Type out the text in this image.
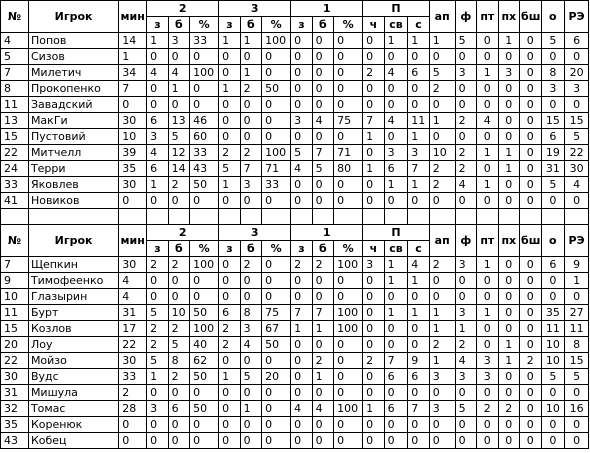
№	Игрок	мин	2			3			1			П			ап	ф	пт	пх	бш	о	РЭ
			з	б	%	з	б	%	з	б	%	ч	св	с							
4	Попов	14	1	3	33	1	1	100	0	0	0	0	1	1	1	5	0	1	0	5	6
5	Сизов	1	0	0	0	0	0	0	0	0	0	0	0	0	0	0	0	0	0	0	0
7	Милетич	34	4	4	100	0	1	0	0	0	0	2	4	6	5	3	1	3	0	8	20
8	Прокопенко	7	0	1	0	1	2	50	0	0	0	0	0	0	2	0	0	0	0	3	3
11	Завадский	0	0	0	0	0	0	0	0	0	0	0	0	0	0	0	0	0	0	0	0
13	МакГи	30	6	13	46	0	0	0	3	4	75	7	4	11	1	2	4	0	0	15	15
15	Пустовий	10	3	5	60	0	0	0	0	0	0	1	0	1	0	0	0	0	0	6	5
22	Митчелл	39	4	12	33	2	2	100	5	7	71	0	3	3	10	2	1	1	0	19	22
24	Терри	35	6	14	43	5	7	71	4	5	80	1	6	7	2	2	0	1	0	31	30
33	Яковлев	30	1	2	50	1	3	33	0	0	0	0	1	1	2	4	1	0	0	5	4
41	Новиков	0	0	0	0	0	0	0	0	0	0	0	0	0	0	0	0	0	0	0	0

№	Игрок	мин	2			3			1			П			ап	ф	пт	пх	бш	о	РЭ
			з	б	%	з	б	%	з	б	%	ч	св	с							
7	Щепкин	30	2	2	100	0	2	0	2	2	100	3	1	4	2	3	1	0	0	6	9
9	Тимофеенко	4	0	0	0	0	0	0	0	0	0	0	1	1	0	0	0	0	0	0	1
10	Глазырин	4	0	0	0	0	0	0	0	0	0	0	0	0	0	0	0	0	0	0	0
11	Бурт	31	5	10	50	6	8	75	7	7	100	0	1	1	1	3	1	0	0	35	27
15	Козлов	17	2	2	100	2	3	67	1	1	100	0	0	0	1	1	0	0	0	11	11
20	Лоу	22	2	5	40	2	4	50	0	0	0	0	0	0	2	2	0	1	0	10	8
22	Мойзо	30	5	8	62	0	0	0	0	2	0	2	7	9	1	4	3	1	2	10	15
30	Вудс	33	1	2	50	1	5	20	0	1	0	0	6	6	3	3	3	0	0	5	5
31	Мишула	2	0	0	0	0	0	0	0	0	0	0	0	0	0	0	0	0	0	0	0
32	Томас	28	3	6	50	0	1	0	4	4	100	1	6	7	3	5	2	2	0	10	16
35	Коренюк	0	0	0	0	0	0	0	0	0	0	0	0	0	0	0	0	0	0	0	0
43	Кобец	0	0	0	0	0	0	0	0	0	0	0	0	0	0	0	0	0	0	0	0
